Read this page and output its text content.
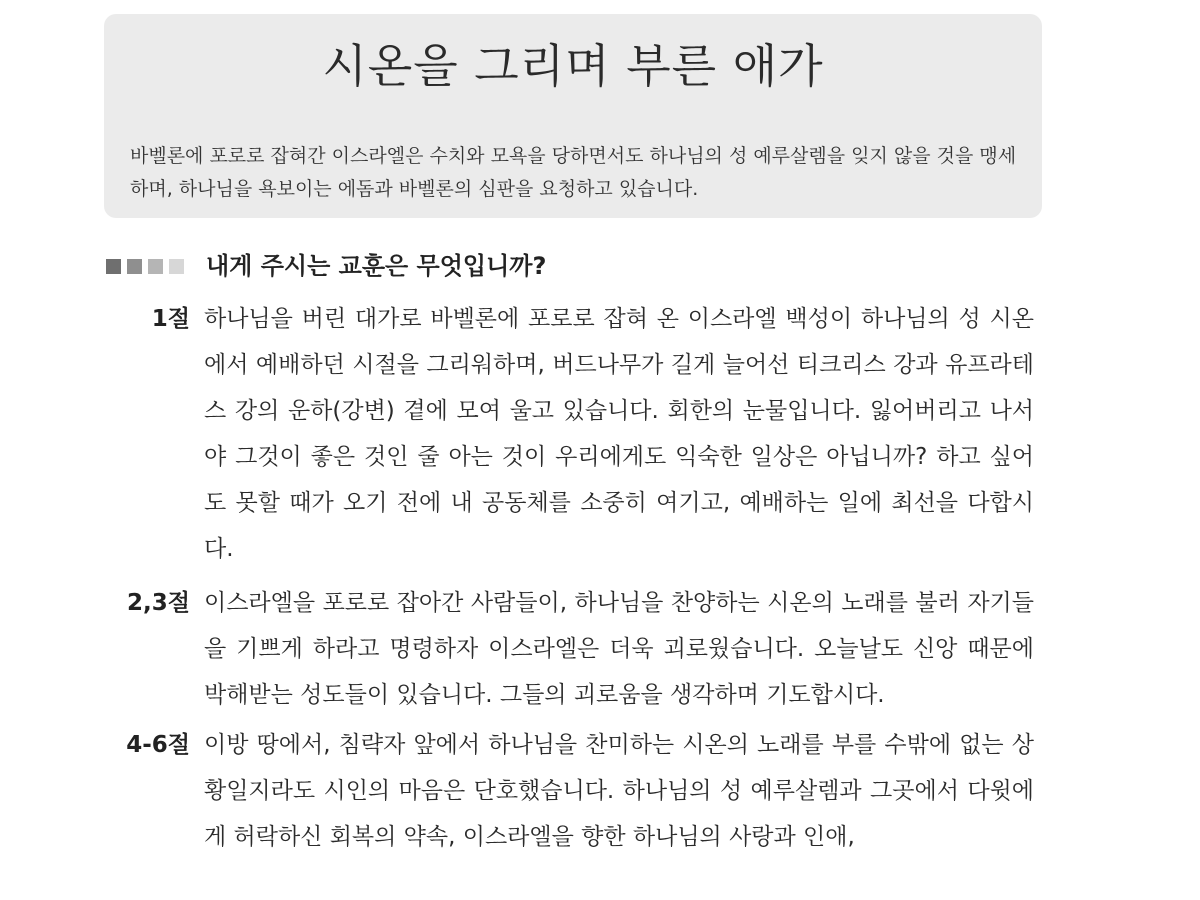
시온을 그리며 부른 애가

바벨론에 포로로 잡혀간 이스라엘은 수치와 모욕을 당하면서도 하나님의 성 예루살렘을 잊지 않을 것을 맹세하며, 하나님을 욕보이는 에돔과 바벨론의 심판을 요청하고 있습니다.

내게 주시는 교훈은 무엇입니까?
1절 하나님을 버린 대가로 바벨론에 포로로 잡혀 온 이스라엘 백성이 하나님의 성 시온에서 예배하던 시절을 그리워하며, 버드나무가 길게 늘어선 티크리스 강과 유프라테스 강의 운하(강변) 곁에 모여 울고 있습니다. 회한의 눈물입니다. 잃어버리고 나서야 그것이 좋은 것인 줄 아는 것이 우리에게도 익숙한 일상은 아닙니까? 하고 싶어도 못할 때가 오기 전에 내 공동체를 소중히 여기고, 예배하는 일에 최선을 다합시다.

2,3절 이스라엘을 포로로 잡아간 사람들이, 하나님을 찬양하는 시온의 노래를 불러 자기들을 기쁘게 하라고 명령하자 이스라엘은 더욱 괴로웠습니다. 오늘날도 신앙 때문에 박해받는 성도들이 있습니다. 그들의 괴로움을 생각하며 기도합시다.

4-6절 이방 땅에서, 침략자 앞에서 하나님을 찬미하는 시온의 노래를 부를 수밖에 없는 상황일지라도 시인의 마음은 단호했습니다. 하나님의 성 예루살렘과 그곳에서 다윗에게 허락하신 회복의 약속, 이스라엘을 향한 하나님의 사랑과 인애,
